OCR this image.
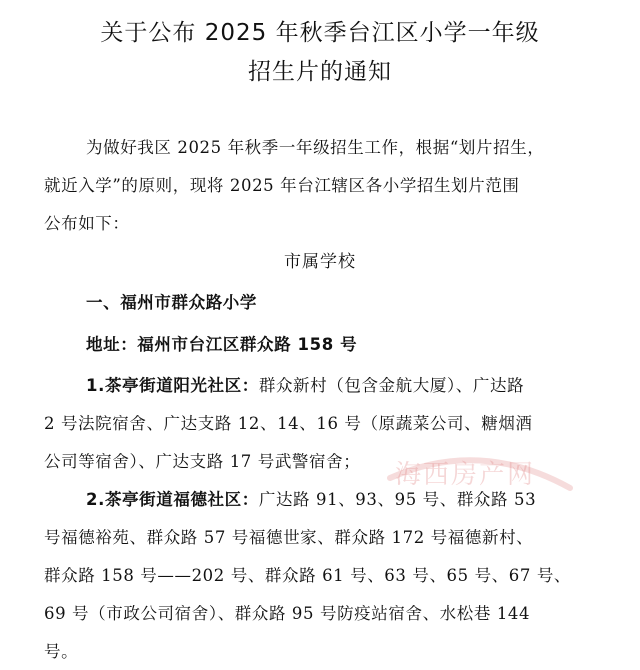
关于公布 2025 年秋季台江区小学一年级
招生片的通知
为做好我区 2025 年秋季一年级招生工作，根据“划片招生，
就近入学”的原则，现将 2025 年台江辖区各小学招生划片范围
公布如下：
市属学校
一、福州市群众路小学
地址：福州市台江区群众路 158 号
1.茶亭街道阳光社区：群众新村（包含金航大厦）、广达路
2 号法院宿舍、广达支路 12、14、16 号（原蔬菜公司、糖烟酒
公司等宿舍）、广达支路 17 号武警宿舍；
2.茶亭街道福德社区：广达路 91、93、95 号、群众路 53
号福德裕苑、群众路 57 号福德世家、群众路 172 号福德新村、
群众路 158 号——202 号、群众路 61 号、63 号、65 号、67 号、
69 号（市政公司宿舍）、群众路 95 号防疫站宿舍、水松巷 144
号。
海西房产网
